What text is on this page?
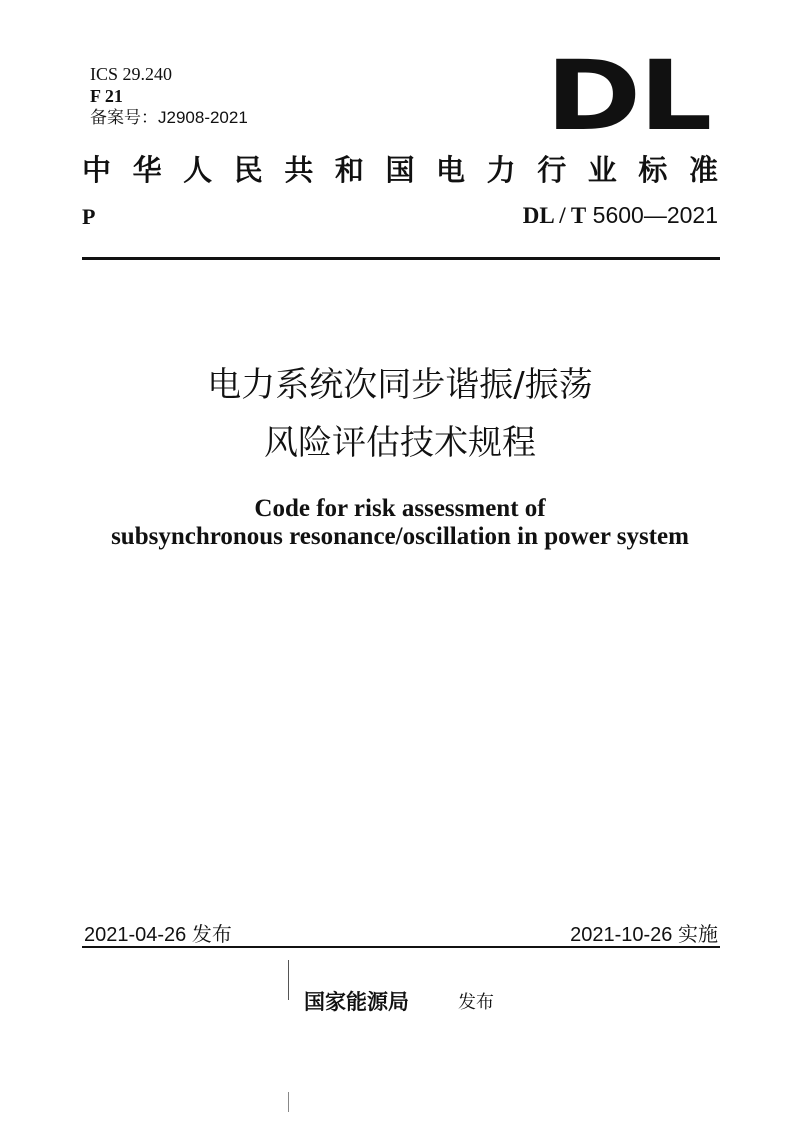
ICS 29.240
F 21
备案号：J2908-2021	DL
中 华 人 民 共 和 国 电 力 行 业 标 准
P	DL / T 5600—2021
电力系统次同步谐振/振荡
风险评估技术规程
Code for risk assessment of
subsynchronous resonance/oscillation in power system
2021-04-26 发布	2021-10-26 实施
国家能源局	发布
